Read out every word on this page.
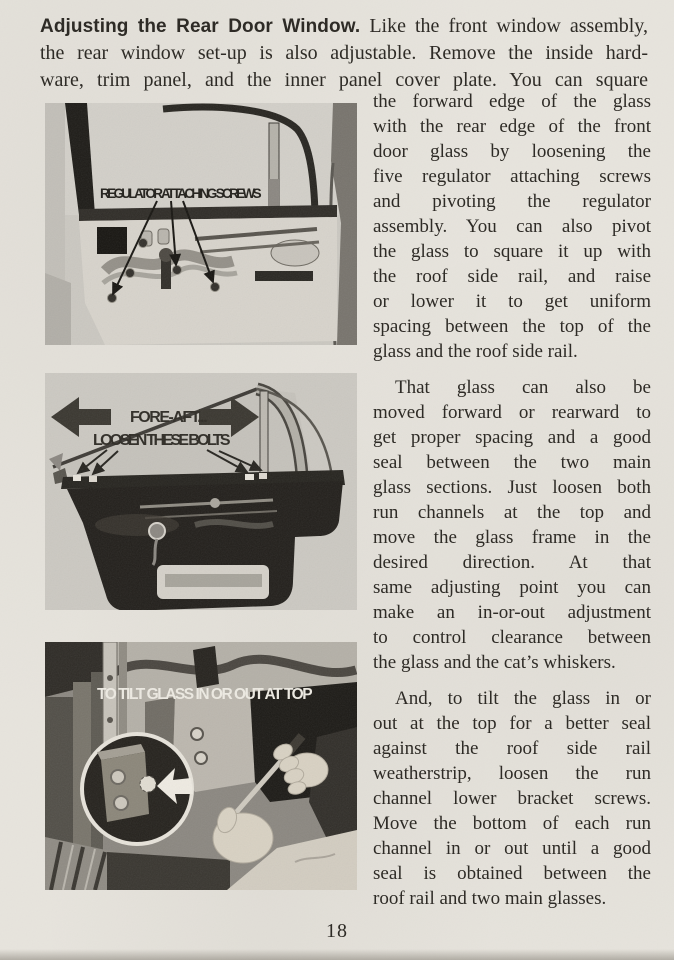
Adjusting the Rear Door Window. Like the front window assembly,
the rear window set-up is also adjustable. Remove the inside hard-
ware, trim panel, and the inner panel cover plate. You can square
REGULATOR ATTACHING SCREWS
FORE-AFT...
LOOSEN THESE BOLTS
TO TILT GLASS IN OR OUT AT TOP
the forward edge of the glass
with the rear edge of the front
door glass by loosening the
five regulator attaching screws
and pivoting the regulator
assembly. You can also pivot
the glass to square it up with
the roof side rail, and raise
or lower it to get uniform
spacing between the top of the
glass and the roof side rail.
That glass can also be
moved forward or rearward to
get proper spacing and a good
seal between the two main
glass sections. Just loosen both
run channels at the top and
move the glass frame in the
desired direction. At that
same adjusting point you can
make an in-or-out adjustment
to control clearance between
the glass and the cat’s whiskers.
And, to tilt the glass in or
out at the top for a better seal
against the roof side rail
weatherstrip, loosen the run
channel lower bracket screws.
Move the bottom of each run
channel in or out until a good
seal is obtained between the
roof rail and two main glasses.
18
